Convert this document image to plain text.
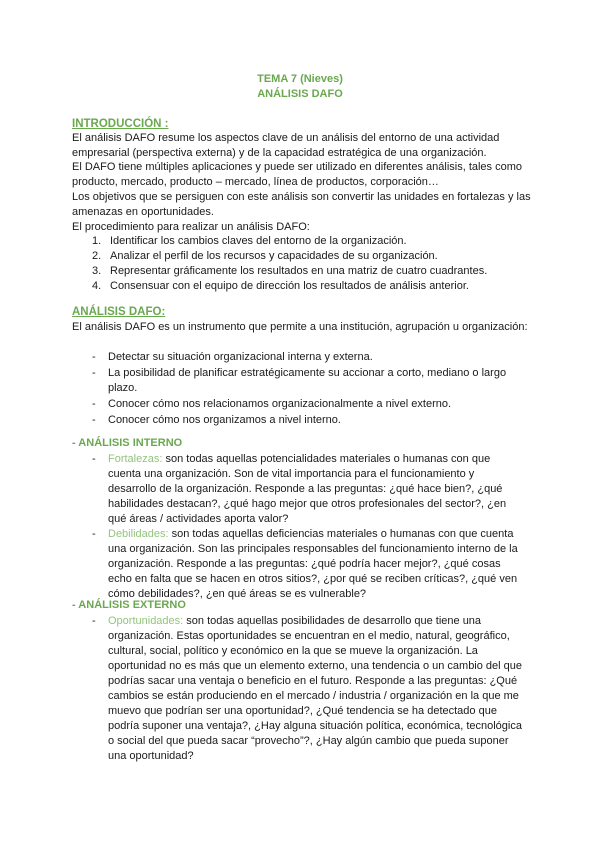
TEMA 7 (Nieves)
ANÁLISIS DAFO
INTRODUCCIÓN :
El análisis DAFO resume los aspectos clave de un análisis del entorno de una actividad empresarial (perspectiva externa) y de la capacidad estratégica de una organización.
El DAFO tiene múltiples aplicaciones y puede ser utilizado en diferentes análisis, tales como producto, mercado, producto – mercado, línea de productos, corporación…
Los objetivos que se persiguen con este análisis son convertir las unidades en fortalezas y las amenazas en oportunidades.
El procedimiento para realizar un análisis DAFO:
1. Identificar los cambios claves del entorno de la organización.
2. Analizar el perfil de los recursos y capacidades de su organización.
3. Representar gráficamente los resultados en una matriz de cuatro cuadrantes.
4. Consensuar con el equipo de dirección los resultados de análisis anterior.
ANÁLISIS DAFO:
El análisis DAFO es un instrumento que permite a una institución, agrupación u organización:
- Detectar su situación organizacional interna y externa.
- La posibilidad de planificar estratégicamente su accionar a corto, mediano o largo plazo.
- Conocer cómo nos relacionamos organizacionalmente a nivel externo.
- Conocer cómo nos organizamos a nivel interno.
- ANÁLISIS INTERNO
- Fortalezas: son todas aquellas potencialidades materiales o humanas con que cuenta una organización. Son de vital importancia para el funcionamiento y desarrollo de la organización. Responde a las preguntas: ¿qué hace bien?, ¿qué habilidades destacan?, ¿qué hago mejor que otros profesionales del sector?, ¿en qué áreas / actividades aporta valor?
- Debilidades: son todas aquellas deficiencias materiales o humanas con que cuenta una organización. Son las principales responsables del funcionamiento interno de la organización. Responde a las preguntas: ¿qué podría hacer mejor?, ¿qué cosas echo en falta que se hacen en otros sitios?, ¿por qué se reciben críticas?, ¿qué ven cómo debilidades?, ¿en qué áreas se es vulnerable?
- ANÁLISIS EXTERNO
- Oportunidades: son todas aquellas posibilidades de desarrollo que tiene una organización. Estas oportunidades se encuentran en el medio, natural, geográfico, cultural, social, político y económico en la que se mueve la organización. La oportunidad no es más que un elemento externo, una tendencia o un cambio del que podrías sacar una ventaja o beneficio en el futuro. Responde a las preguntas: ¿Qué cambios se están produciendo en el mercado / industria / organización en la que me muevo que podrían ser una oportunidad?, ¿Qué tendencia se ha detectado que podría suponer una ventaja?, ¿Hay alguna situación política, económica, tecnológica o social del que pueda sacar “provecho”?, ¿Hay algún cambio que pueda suponer una oportunidad?
